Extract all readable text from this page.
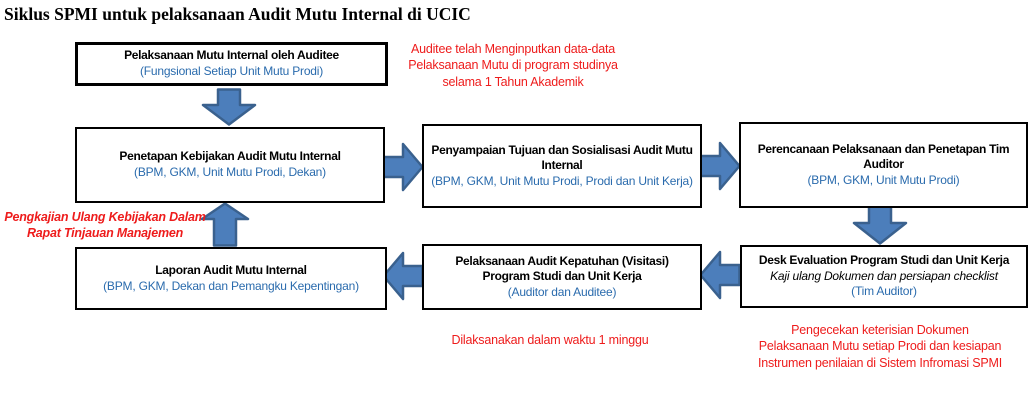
Siklus SPMI untuk pelaksanaan Audit Mutu Internal di UCIC
Pelaksanaan Mutu Internal oleh Auditee
(Fungsional Setiap Unit Mutu Prodi)
Penetapan Kebijakan Audit Mutu Internal
(BPM, GKM, Unit Mutu Prodi, Dekan)
Penyampaian Tujuan dan Sosialisasi Audit Mutu Internal
(BPM, GKM, Unit Mutu Prodi, Prodi dan Unit Kerja)
Perencanaan Pelaksanaan dan Penetapan Tim Auditor
(BPM, GKM, Unit Mutu Prodi)
Desk Evaluation Program Studi dan Unit Kerja
Kaji ulang Dokumen dan persiapan checklist
(Tim Auditor)
Pelaksanaan Audit Kepatuhan (Visitasi) Program Studi dan Unit Kerja
(Auditor dan Auditee)
Laporan Audit Mutu Internal
(BPM, GKM, Dekan dan Pemangku Kepentingan)
Auditee telah Menginputkan data-data
Pelaksanaan Mutu di program studinya
selama 1 Tahun Akademik
Pengkajian Ulang Kebijakan Dalam
Rapat Tinjauan Manajemen
Dilaksanakan dalam waktu 1 minggu
Pengecekan keterisian Dokumen
Pelaksanaan Mutu setiap Prodi dan kesiapan
Instrumen penilaian di Sistem Infromasi SPMI
